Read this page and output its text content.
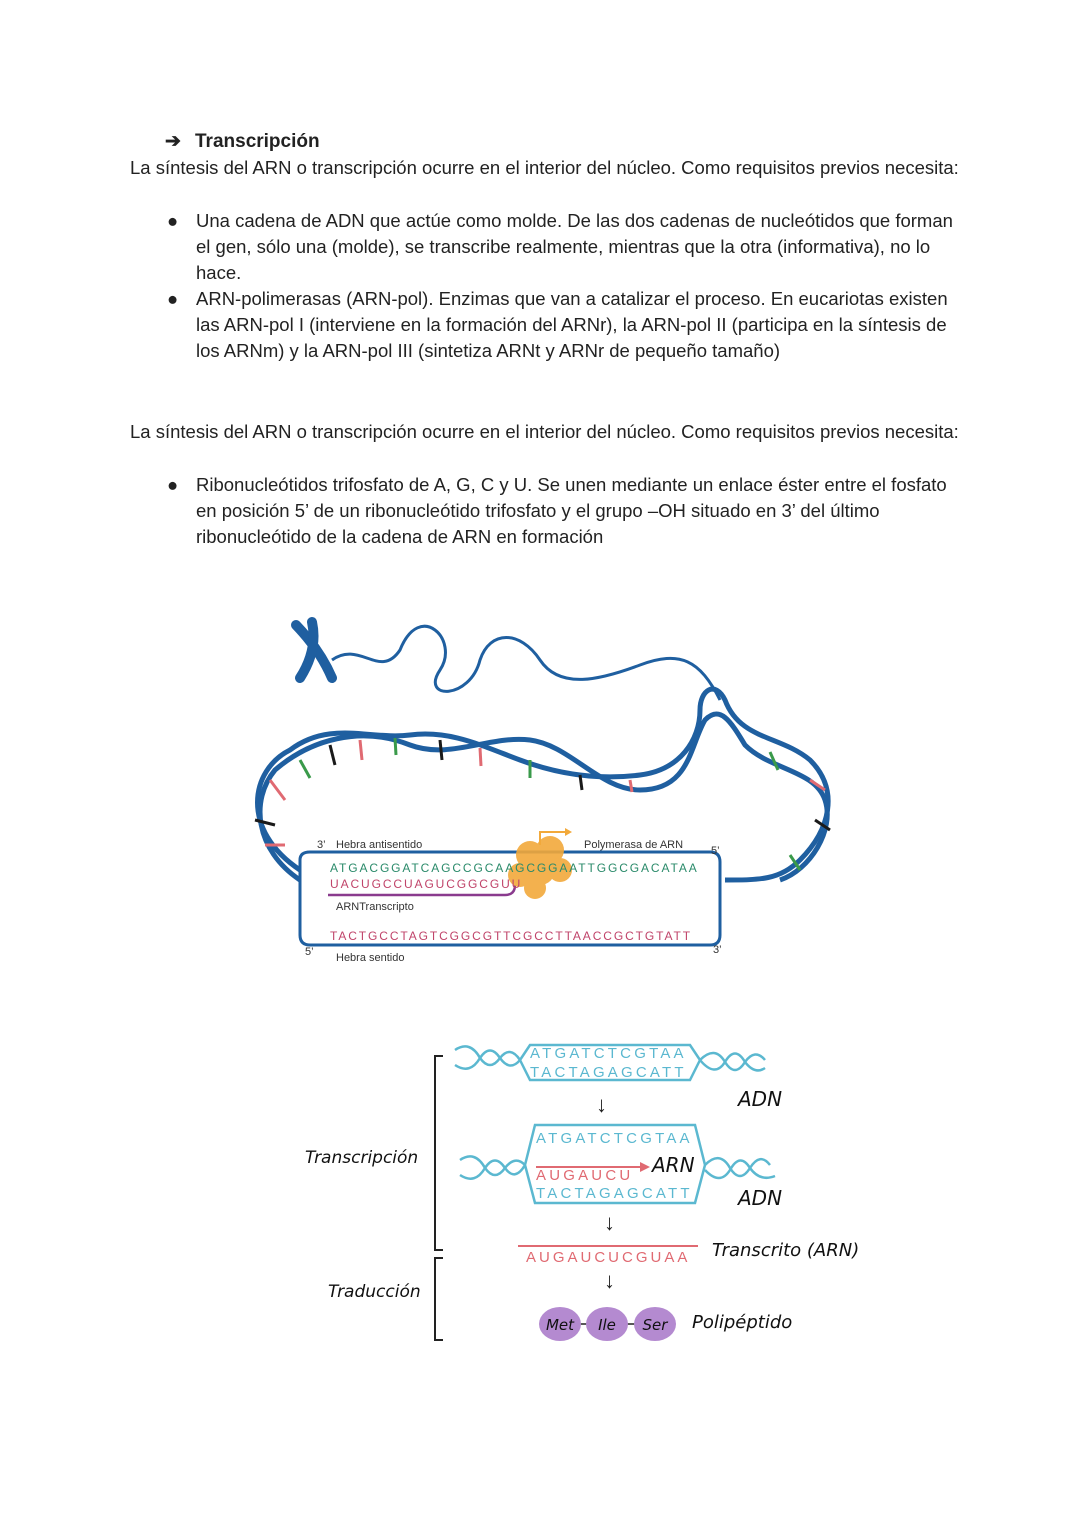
➔ Transcripción

La síntesis del ARN o transcripción ocurre en el interior del núcleo. Como requisitos previos necesita:

● Una cadena de ADN que actúe como molde. De las dos cadenas de nucleótidos que forman el gen, sólo una (molde), se transcribe realmente, mientras que la otra (informativa), no lo hace.
● ARN-polimerasas (ARN-pol). Enzimas que van a catalizar el proceso. En eucariotas existen las ARN-pol I (interviene en la formación del ARNr), la ARN-pol II (participa en la síntesis de los ARNm) y la ARN-pol III (sintetiza ARNt y ARNr de pequeño tamaño)

La síntesis del ARN o transcripción ocurre en el interior del núcleo. Como requisitos previos necesita:

● Ribonucleótidos trifosfato de A, G, C y U. Se unen mediante un enlace éster entre el fosfato en posición 5’ de un ribonucleótido trifosfato y el grupo –OH situado en 3’ del último ribonucleótido de la cadena de ARN en formación
3’ Hebra antisentido	Polymerasa de ARN	5’
ATGACGGATCAGCCGCAAGCGGAATTGGCGACATAA
UACUGCCUAGUCGGCGUU
ARNTranscripto
TACTGCCTAGTCGGCGTTCGCCTTAACCGCTGTATT
5’	3’
Hebra sentido
ATGATCTCGTAA
TACTAGAGCATT
ADN
↓
ATGATCTCGTAA
AUGAUCU ARN
TACTAGAGCATT ADN
Transcripción
↓
AUGAUCUCGUAA Transcrito (ARN)
↓
Traducción
Met Ile Ser Polipéptido
